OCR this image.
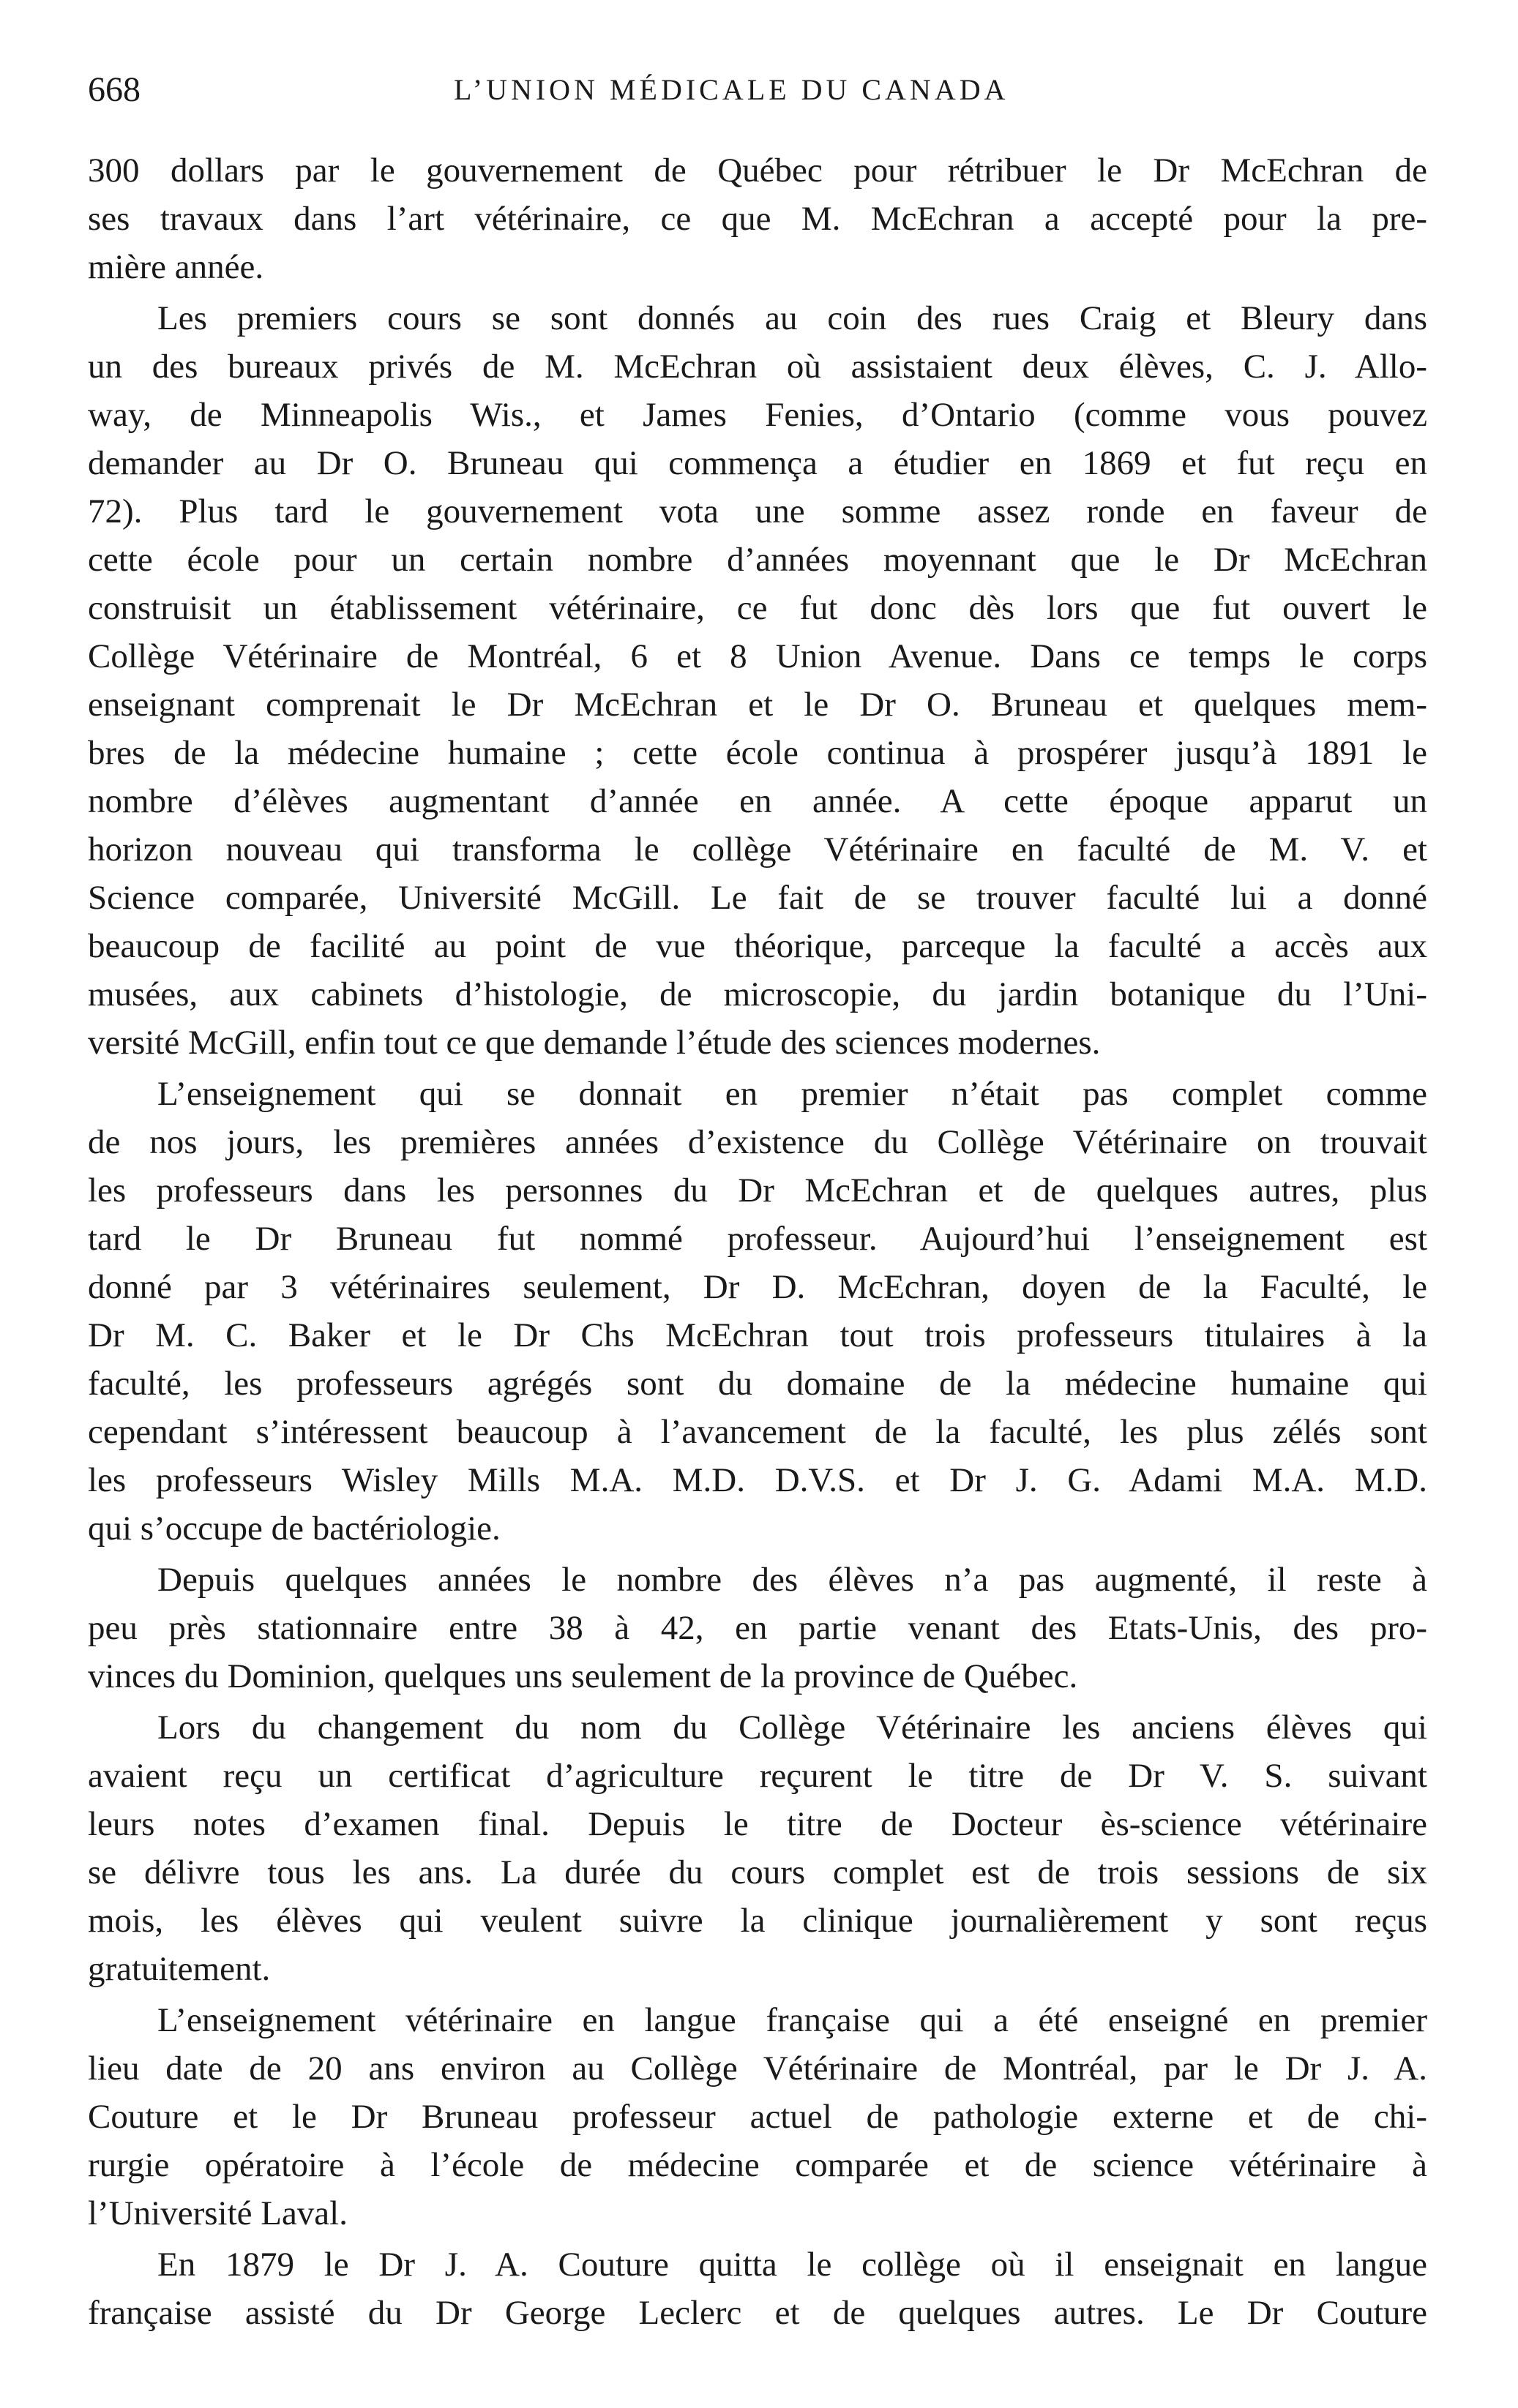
668	L’UNION MÉDICALE DU CANADA

300 dollars par le gouvernement de Québec pour rétribuer le Dr McEchran de
ses travaux dans l’art vétérinaire, ce que M. McEchran a accepté pour la pre-
mière année.

Les premiers cours se sont donnés au coin des rues Craig et Bleury dans
un des bureaux privés de M. McEchran où assistaient deux élèves, C. J. Allo-
way, de Minneapolis Wis., et James Fenies, d’Ontario (comme vous pouvez
demander au Dr O. Bruneau qui commença a étudier en 1869 et fut reçu en
72). Plus tard le gouvernement vota une somme assez ronde en faveur de
cette école pour un certain nombre d’années moyennant que le Dr McEchran
construisit un établissement vétérinaire, ce fut donc dès lors que fut ouvert le
Collège Vétérinaire de Montréal, 6 et 8 Union Avenue. Dans ce temps le corps
enseignant comprenait le Dr McEchran et le Dr O. Bruneau et quelques mem-
bres de la médecine humaine ; cette école continua à prospérer jusqu’à 1891 le
nombre d’élèves augmentant d’année en année. A cette époque apparut un
horizon nouveau qui transforma le collège Vétérinaire en faculté de M. V. et
Science comparée, Université McGill. Le fait de se trouver faculté lui a donné
beaucoup de facilité au point de vue théorique, parceque la faculté a accès aux
musées, aux cabinets d’histologie, de microscopie, du jardin botanique du l’Uni-
versité McGill, enfin tout ce que demande l’étude des sciences modernes.

L’enseignement qui se donnait en premier n’était pas complet comme
de nos jours, les premières années d’existence du Collège Vétérinaire on trouvait
les professeurs dans les personnes du Dr McEchran et de quelques autres, plus
tard le Dr Bruneau fut nommé professeur. Aujourd’hui l’enseignement est
donné par 3 vétérinaires seulement, Dr D. McEchran, doyen de la Faculté, le
Dr M. C. Baker et le Dr Chs McEchran tout trois professeurs titulaires à la
faculté, les professeurs agrégés sont du domaine de la médecine humaine qui
cependant s’intéressent beaucoup à l’avancement de la faculté, les plus zélés sont
les professeurs Wisley Mills M.A. M.D. D.V.S. et Dr J. G. Adami M.A. M.D.
qui s’occupe de bactériologie.

Depuis quelques années le nombre des élèves n’a pas augmenté, il reste à
peu près stationnaire entre 38 à 42, en partie venant des Etats-Unis, des pro-
vinces du Dominion, quelques uns seulement de la province de Québec.

Lors du changement du nom du Collège Vétérinaire les anciens élèves qui
avaient reçu un certificat d’agriculture reçurent le titre de Dr V. S. suivant
leurs notes d’examen final. Depuis le titre de Docteur ès-science vétérinaire
se délivre tous les ans. La durée du cours complet est de trois sessions de six
mois, les élèves qui veulent suivre la clinique journalièrement y sont reçus
gratuitement.

L’enseignement vétérinaire en langue française qui a été enseigné en premier
lieu date de 20 ans environ au Collège Vétérinaire de Montréal, par le Dr J. A.
Couture et le Dr Bruneau professeur actuel de pathologie externe et de chi-
rurgie opératoire à l’école de médecine comparée et de science vétérinaire à
l’Université Laval.

En 1879 le Dr J. A. Couture quitta le collège où il enseignait en langue
française assisté du Dr George Leclerc et de quelques autres. Le Dr Couture
